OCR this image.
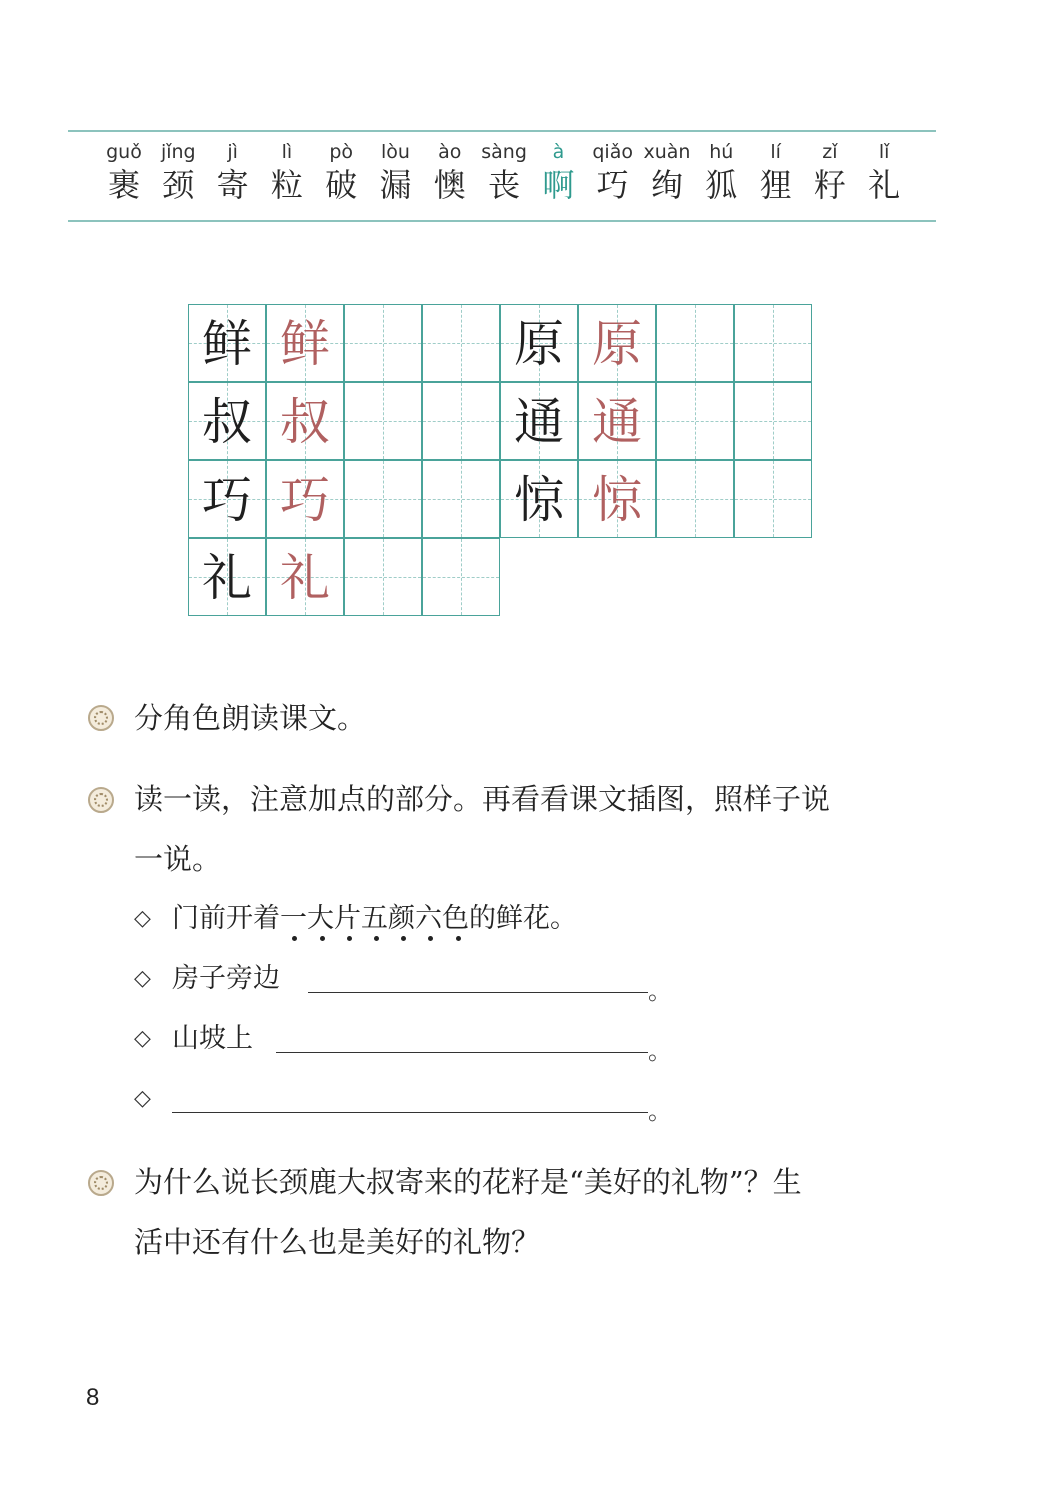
guǒ
裹
jǐng
颈
jì
寄
lì
粒
pò
破
lòu
漏
ào
懊
sàng
丧
à
啊
qiǎo
巧
xuàn
绚
hú
狐
lí
狸
zǐ
籽
lǐ
礼
鲜 鲜
叔 叔
巧 巧
礼 礼
原 原
通 通
惊 惊
分角色朗读课文。
读一读，注意加点的部分。再看看课文插图，照样子说
一说。
◇ 门前开着一大片五颜六色的鲜花。
◇ 房子旁边	。
◇ 山坡上	。
◇	。
为什么说长颈鹿大叔寄来的花籽是“美好的礼物”？生
活中还有什么也是美好的礼物？
8
